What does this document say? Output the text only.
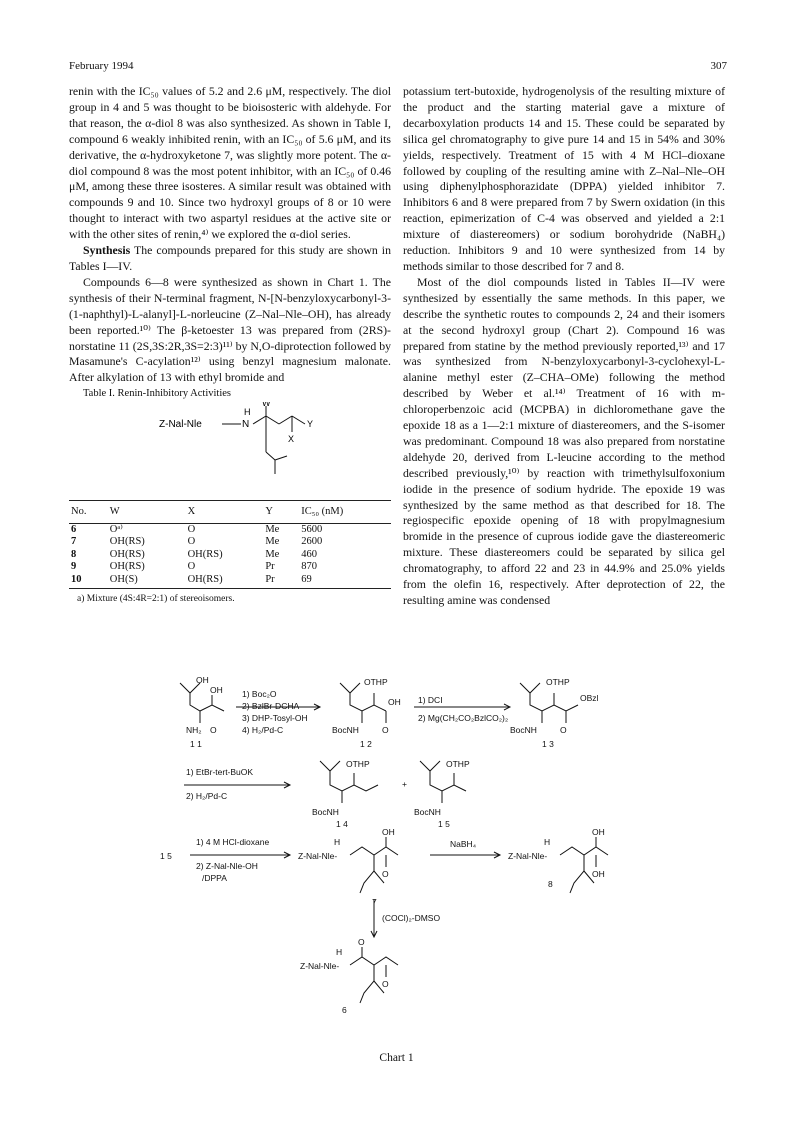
February 1994	307

renin with the IC₅₀ values of 5.2 and 2.6 μM, respectively. The diol group in 4 and 5 was thought to be bioisosteric with aldehyde. For that reason, the α-diol 8 was also synthesized. As shown in Table I, compound 6 weakly inhibited renin, with an IC₅₀ of 5.6 μM, and its derivative, the α-hydroxyketone 7, was slightly more potent. The α-diol compound 8 was the most potent inhibitor, with an IC₅₀ of 0.46 μM, among these three isosteres. A similar result was obtained with compounds 9 and 10. Since two hydroxyl groups of 8 or 10 were thought to interact with two aspartyl residues at the active site or with the other sites of renin,⁴⁾ we explored the α-diol series.

Synthesis The compounds prepared for this study are shown in Tables I—IV.

Compounds 6—8 were synthesized as shown in Chart 1. The synthesis of their N-terminal fragment, N-[N-benzyloxycarbonyl-3-(1-naphthyl)-L-alanyl]-L-norleucine (Z–Nal–Nle–OH), has already been reported.¹⁰⁾ The β-ketoester 13 was prepared from (2RS)-norstatine 11 (2S,3S:2R,3S=2:3)¹¹⁾ by N,O-diprotection followed by Masamune's C-acylation¹²⁾ using benzyl magnesium malonate. After alkylation of 13 with ethyl bromide and

Table I. Renin-Inhibitory Activities

Z-Nal-Nle	N
H
W
X
Y
No.	W	X	Y	IC₅₀ (nM)
6	Oᵃ⁾	O	Me	5600
7	OH(RS)	O	Me	2600
8	OH(RS)	OH(RS)	Me	460
9	OH(RS)	O	Pr	870
10	OH(S)	OH(RS)	Pr	69
a) Mixture (4S:4R=2:1) of stereoisomers.

potassium tert-butoxide, hydrogenolysis of the resulting mixture of the product and the starting material gave a mixture of decarboxylation products 14 and 15. These could be separated by silica gel chromatography to give pure 14 and 15 in 54% and 30% yields, respectively. Treatment of 15 with 4 M HCl–dioxane followed by coupling of the resulting amine with Z–Nal–Nle–OH using diphenylphosphorazidate (DPPA) yielded inhibitor 7. Inhibitors 6 and 8 were prepared from 7 by Swern oxidation (in this reaction, epimerization of C-4 was observed and yielded a 2:1 mixture of diastereomers) or sodium borohydride (NaBH₄) reduction. Inhibitors 9 and 10 were synthesized from 14 by methods similar to those described for 7 and 8.

Most of the diol compounds listed in Tables II—IV were synthesized by essentially the same methods. In this paper, we describe the synthetic routes to compounds 2, 24 and their isomers at the second hydroxyl group (Chart 2). Compound 16 was prepared from statine by the method previously reported,¹³⁾ and 17 was synthesized from N-benzyloxycarbonyl-3-cyclohexyl-L-alanine methyl ester (Z–CHA–OMe) following the method described by Weber et al.¹⁴⁾ Treatment of 16 with m-chloroperbenzoic acid (MCPBA) in dichloromethane gave the epoxide 18 as a 1—2:1 mixture of diastereomers, and the S-isomer was predominant. Compound 18 was also prepared from norstatine aldehyde 20, derived from L-leucine according to the method described previously,¹⁰⁾ by reaction with trimethylsulfoxonium iodide in the presence of sodium hydride. The epoxide 19 was synthesized by the same method as that described for 18. The regiospecific epoxide opening of 18 with propylmagnesium bromide in the presence of cuprous iodide gave the diastereomeric mixture. These diastereomers could be separated by silica gel chromatography, to afford 22 and 23 in 44.9% and 25.0% yields from the olefin 16, respectively. After deprotection of 22, the resulting amine was condensed

OH
OH
NH₂ O
1 1
1) Boc₂O
2) BzlBr-DCHA
3) DHP-Tosyl-OH
4) H₂/Pd-C
OTHP
OH
BocNH	O
1 2
1) DCI
2) Mg(CH₂CO₂BzlCO₂)₂
OTHP
OBzl
BocNH	O
1 3
1) EtBr-tert-BuOK
2) H₂/Pd-C
OTHP
BocNH
1 4
+
OTHP
BocNH
1 5
1 5
1) 4 M HCl-dioxane
2) Z-Nal-Nle-OH
/DPPA
Z-Nal-Nle-
H
OH
O
7
NaBH₄
Z-Nal-Nle-
H
OH
OH
8
(COCl)₂-DMSO
Z-Nal-Nle-
H
O
O
6
Chart 1
